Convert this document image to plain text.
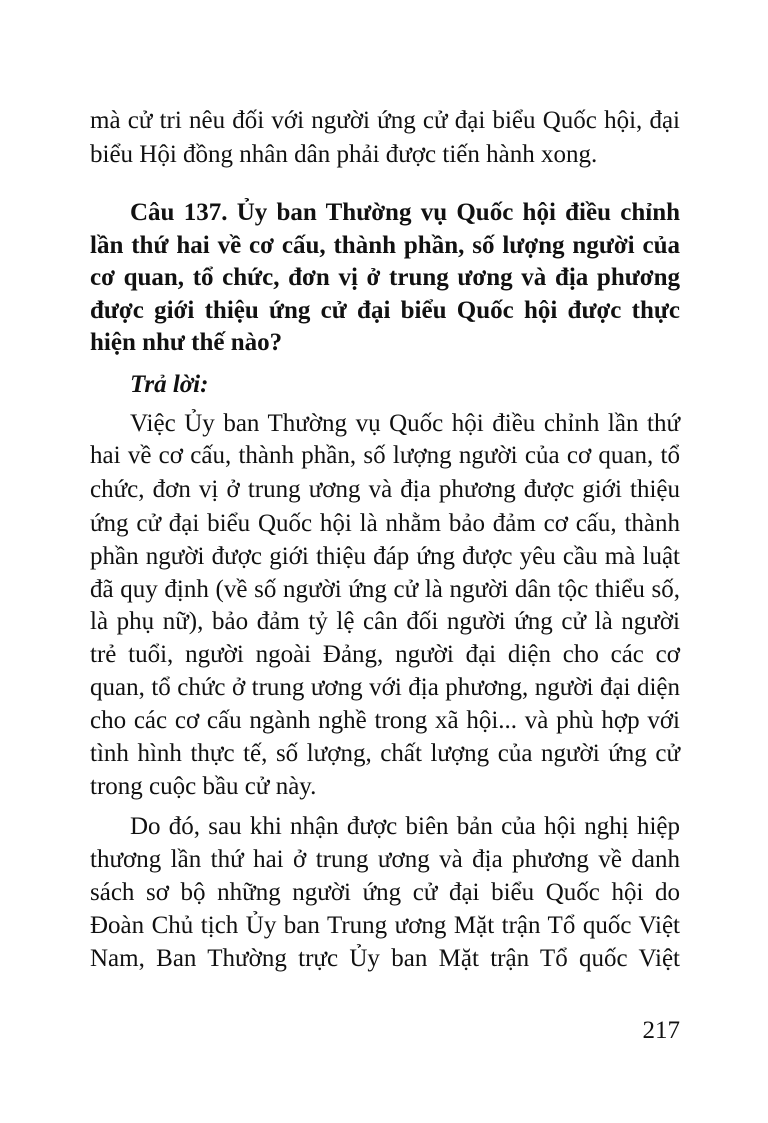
mà cử tri nêu đối với người ứng cử đại biểu Quốc hội, đại
biểu Hội đồng nhân dân phải được tiến hành xong.
Câu 137. Ủy ban Thường vụ Quốc hội điều chỉnh
lần thứ hai về cơ cấu, thành phần, số lượng người của
cơ quan, tổ chức, đơn vị ở trung ương và địa phương
được giới thiệu ứng cử đại biểu Quốc hội được thực
hiện như thế nào?
Trả lời:
Việc Ủy ban Thường vụ Quốc hội điều chỉnh lần thứ
hai về cơ cấu, thành phần, số lượng người của cơ quan, tổ
chức, đơn vị ở trung ương và địa phương được giới thiệu
ứng cử đại biểu Quốc hội là nhằm bảo đảm cơ cấu, thành
phần người được giới thiệu đáp ứng được yêu cầu mà luật
đã quy định (về số người ứng cử là người dân tộc thiểu số,
là phụ nữ), bảo đảm tỷ lệ cân đối người ứng cử là người
trẻ tuổi, người ngoài Đảng, người đại diện cho các cơ
quan, tổ chức ở trung ương với địa phương, người đại diện
cho các cơ cấu ngành nghề trong xã hội... và phù hợp với
tình hình thực tế, số lượng, chất lượng của người ứng cử
trong cuộc bầu cử này.
Do đó, sau khi nhận được biên bản của hội nghị hiệp
thương lần thứ hai ở trung ương và địa phương về danh
sách sơ bộ những người ứng cử đại biểu Quốc hội do
Đoàn Chủ tịch Ủy ban Trung ương Mặt trận Tổ quốc Việt
Nam, Ban Thường trực Ủy ban Mặt trận Tổ quốc Việt
217
